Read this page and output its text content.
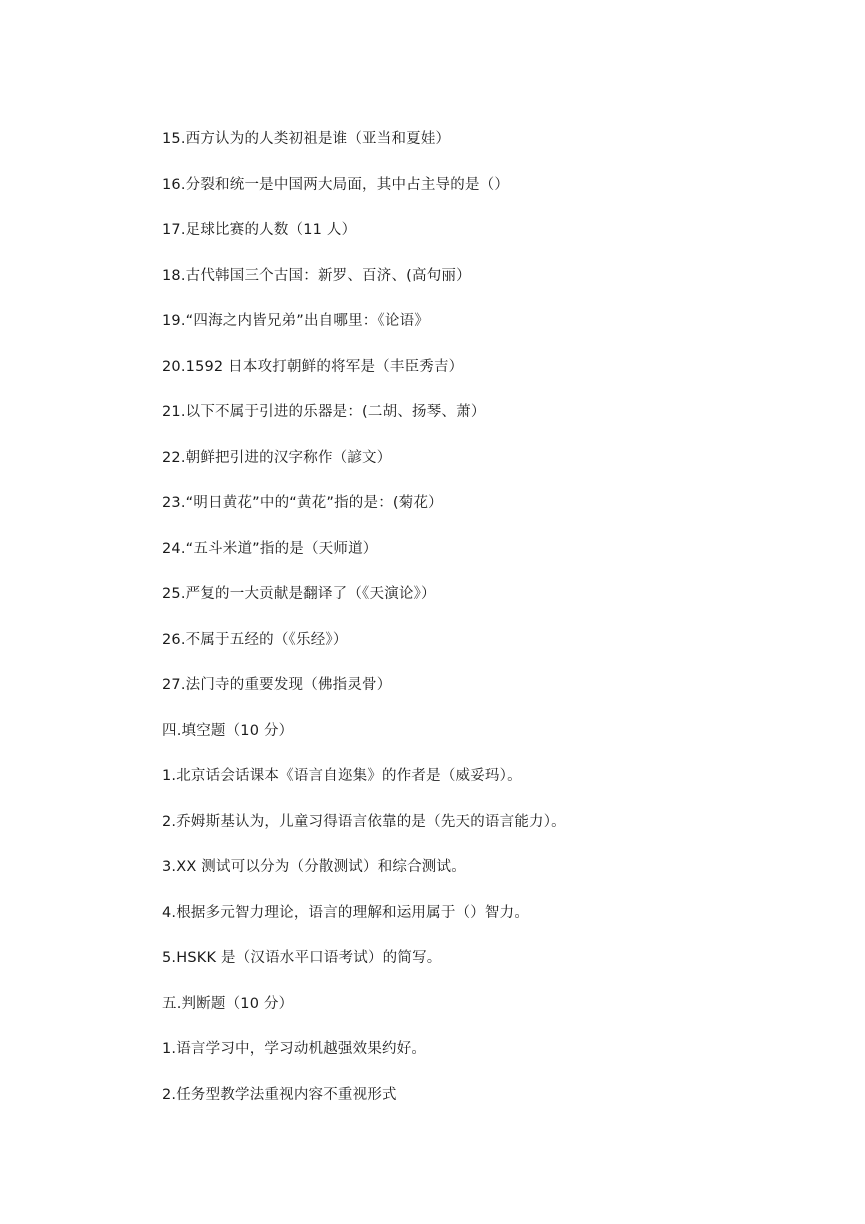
15.西方认为的人类初祖是谁（亚当和夏娃）
16.分裂和统一是中国两大局面，其中占主导的是（）
17.足球比赛的人数（11 人）
18.古代韩国三个古国：新罗、百济、(高句丽）
19.“四海之内皆兄弟”出自哪里：《论语》
20.1592 日本攻打朝鲜的将军是（丰臣秀吉）
21.以下不属于引进的乐器是：(二胡、扬琴、萧）
22.朝鲜把引进的汉字称作（諺文）
23.“明日黄花”中的“黄花”指的是：(菊花）
24.“五斗米道”指的是（天师道）
25.严复的一大贡献是翻译了（《天演论》）
26.不属于五经的（《乐经》）
27.法门寺的重要发现（佛指灵骨）
四.填空题（10 分）
1.北京话会话课本《语言自迩集》的作者是（威妥玛）。
2.乔姆斯基认为，儿童习得语言依靠的是（先天的语言能力）。
3.XX 测试可以分为（分散测试）和综合测试。
4.根据多元智力理论，语言的理解和运用属于（）智力。
5.HSKK 是（汉语水平口语考试）的简写。
五.判断题（10 分）
1.语言学习中，学习动机越强效果约好。
2.任务型教学法重视内容不重视形式
